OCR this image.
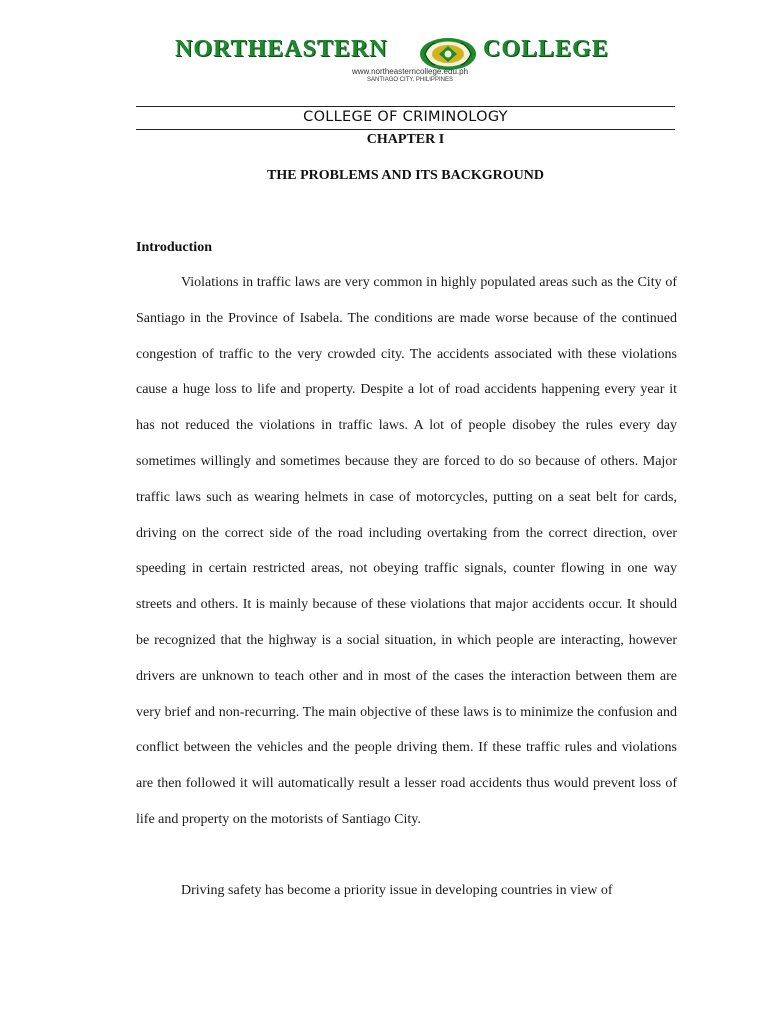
NORTHEASTERN	COLLEGE
www.northeasterncollege.edu.ph
SANTIAGO CITY, PHILIPPINES
COLLEGE OF CRIMINOLOGY
CHAPTER I
THE PROBLEMS AND ITS BACKGROUND
Introduction

Violations in traffic laws are very common in highly populated areas such as the City of Santiago in the Province of Isabela. The conditions are made worse because of the continued congestion of traffic to the very crowded city. The accidents associated with these violations cause a huge loss to life and property. Despite a lot of road accidents happening every year it has not reduced the violations in traffic laws. A lot of people disobey the rules every day sometimes willingly and sometimes because they are forced to do so because of others. Major traffic laws such as wearing helmets in case of motorcycles, putting on a seat belt for cards, driving on the correct side of the road including overtaking from the correct direction, over speeding in certain restricted areas, not obeying traffic signals, counter flowing in one way streets and others. It is mainly because of these violations that major accidents occur. It should be recognized that the highway is a social situation, in which people are interacting, however drivers are unknown to teach other and in most of the cases the interaction between them are very brief and non-recurring. The main objective of these laws is to minimize the confusion and conflict between the vehicles and the people driving them. If these traffic rules and violations are then followed it will automatically result a lesser road accidents thus would prevent loss of life and property on the motorists of Santiago City.

Driving safety has become a priority issue in developing countries in view of
